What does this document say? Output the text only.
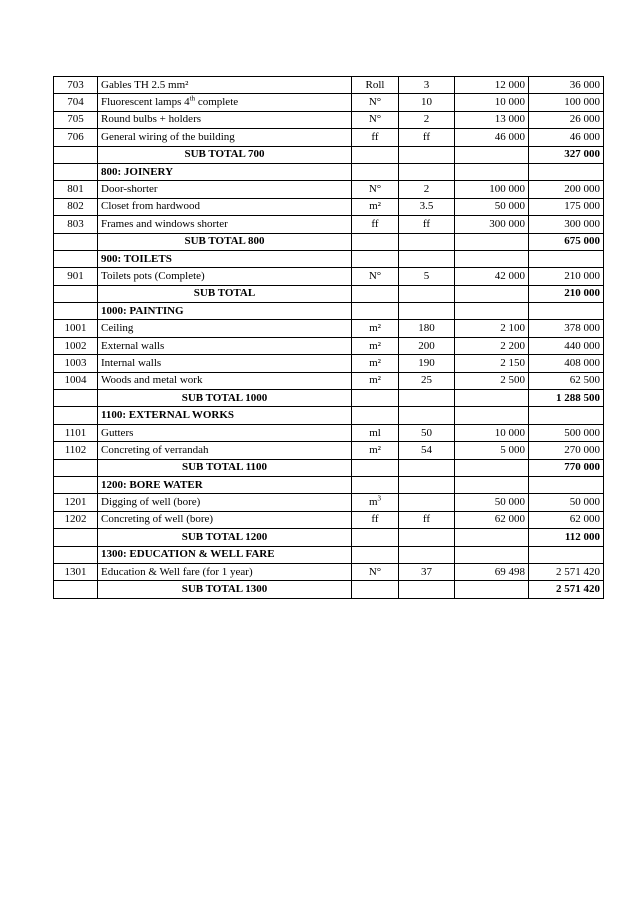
703	Gables TH 2.5 mm²	Roll	3	12 000	36 000
704	Fluorescent lamps 4th complete	N°	10	10 000	100 000
705	Round bulbs + holders	N°	2	13 000	26 000
706	General wiring of the building	ff	ff	46 000	46 000
	SUB TOTAL 700				327 000
	800: JOINERY				
801	Door-shorter	N°	2	100 000	200 000
802	Closet from hardwood	m²	3.5	50 000	175 000
803	Frames and windows shorter	ff	ff	300 000	300 000
	SUB TOTAL 800				675 000
	900: TOILETS				
901	Toilets pots (Complete)	N°	5	42 000	210 000
	SUB TOTAL				210 000
	1000: PAINTING				
1001	Ceiling	m²	180	2 100	378 000
1002	External walls	m²	200	2 200	440 000
1003	Internal walls	m²	190	2 150	408 000
1004	Woods and metal work	m²	25	2 500	62 500
	SUB TOTAL 1000				1 288 500
	1100: EXTERNAL WORKS				
1101	Gutters	ml	50	10 000	500 000
1102	Concreting of verrandah	m²	54	5 000	270 000
	SUB TOTAL 1100				770 000
	1200: BORE WATER				
1201	Digging of well (bore)	$m^3$		50 000	50 000
1202	Concreting of well (bore)	ff	ff	62 000	62 000
	SUB TOTAL 1200				112 000
	1300: EDUCATION & WELL FARE				
1301	Education & Well fare (for 1 year)	N°	37	69 498	2 571 420
	SUB TOTAL 1300				2 571 420
